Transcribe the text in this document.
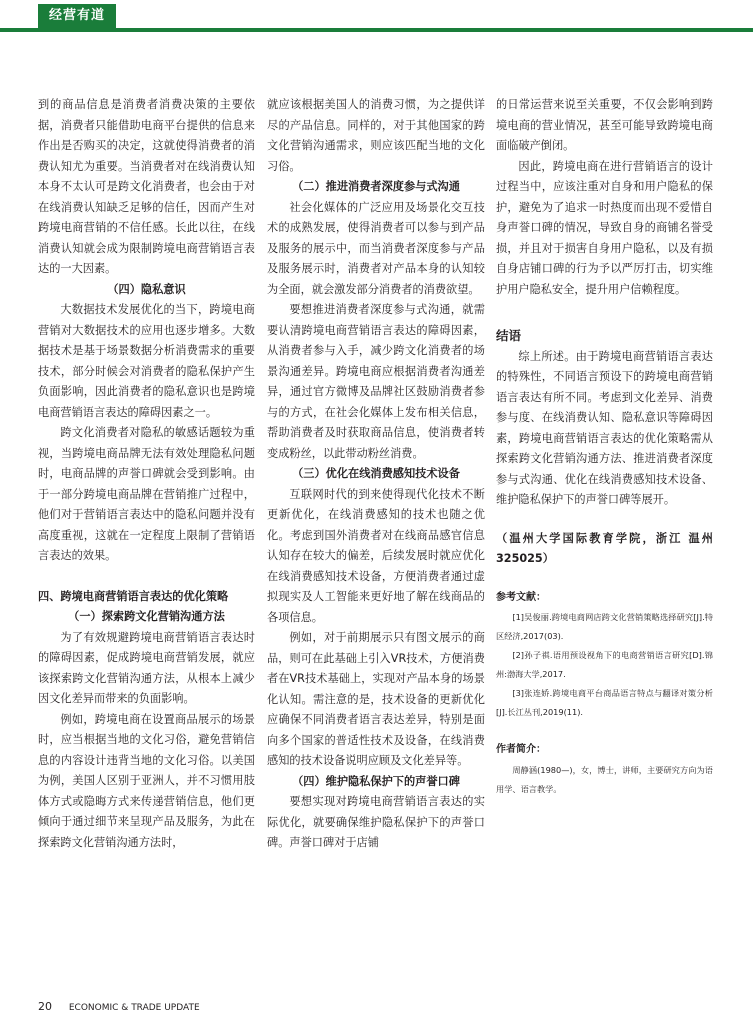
经营有道

到的商品信息是消费者消费决策的主要依据，消费者只能借助电商平台提供的信息来作出是否购买的决定，这就使得消费者的消费认知尤为重要。当消费者对在线消费认知本身不太认可是跨文化消费者，也会由于对在线消费认知缺乏足够的信任，因而产生对跨境电商营销的不信任感。长此以往，在线消费认知就会成为限制跨境电商营销语言表达的一大因素。

（四）隐私意识

大数据技术发展优化的当下，跨境电商营销对大数据技术的应用也逐步增多。大数据技术是基于场景数据分析消费需求的重要技术，部分时候会对消费者的隐私保护产生负面影响，因此消费者的隐私意识也是跨境电商营销语言表达的障碍因素之一。

跨文化消费者对隐私的敏感话题较为重视，当跨境电商品牌无法有效处理隐私问题时，电商品牌的声誉口碑就会受到影响。由于一部分跨境电商品牌在营销推广过程中，他们对于营销语言表达中的隐私问题并没有高度重视，这就在一定程度上限制了营销语言表达的效果。

四、跨境电商营销语言表达的优化策略
（一）探索跨文化营销沟通方法

为了有效规避跨境电商营销语言表达时的障碍因素，促成跨境电商营销发展，就应该探索跨文化营销沟通方法，从根本上减少因文化差异而带来的负面影响。

例如，跨境电商在设置商品展示的场景时，应当根据当地的文化习俗，避免营销信息的内容设计违背当地的文化习俗。以美国为例，美国人区别于亚洲人，并不习惯用肢体方式或隐晦方式来传递营销信息，他们更倾向于通过细节来呈现产品及服务，为此在探索跨文化营销沟通方法时，

就应该根据美国人的消费习惯，为之提供详尽的产品信息。同样的，对于其他国家的跨文化营销沟通需求，则应该匹配当地的文化习俗。

（二）推进消费者深度参与式沟通

社会化媒体的广泛应用及场景化交互技术的成熟发展，使得消费者可以参与到产品及服务的展示中，而当消费者深度参与产品及服务展示时，消费者对产品本身的认知较为全面，就会激发部分消费者的消费欲望。

要想推进消费者深度参与式沟通，就需要认清跨境电商营销语言表达的障碍因素，从消费者参与入手，减少跨文化消费者的场景沟通差异。跨境电商应根据消费者沟通差异，通过官方微博及品牌社区鼓励消费者参与的方式，在社会化媒体上发布相关信息，帮助消费者及时获取商品信息，使消费者转变成粉丝，以此带动粉丝消费。

（三）优化在线消费感知技术设备

互联网时代的到来使得现代化技术不断更新优化，在线消费感知的技术也随之优化。考虑到国外消费者对在线商品感官信息认知存在较大的偏差，后续发展时就应优化在线消费感知技术设备，方便消费者通过虚拟现实及人工智能来更好地了解在线商品的各项信息。

例如，对于前期展示只有图文展示的商品，则可在此基础上引入VR技术，方便消费者在VR技术基础上，实现对产品本身的场景化认知。需注意的是，技术设备的更新优化应确保不同消费者语言表达差异，特别是面向多个国家的普适性技术及设备，在线消费感知的技术设备说明应顾及文化差异等。

（四）维护隐私保护下的声誉口碑

要想实现对跨境电商营销语言表达的实际优化，就要确保维护隐私保护下的声誉口碑。声誉口碑对于店铺

的日常运营来说至关重要，不仅会影响到跨境电商的营业情况，甚至可能导致跨境电商面临破产倒闭。

因此，跨境电商在进行营销语言的设计过程当中，应该注重对自身和用户隐私的保护，避免为了追求一时热度而出现不爱惜自身声誉口碑的情况，导致自身的商铺名誉受损，并且对于损害自身用户隐私，以及有损自身店铺口碑的行为予以严厉打击，切实维护用户隐私安全，提升用户信赖程度。

结语

综上所述。由于跨境电商营销语言表达的特殊性，不同语言预设下的跨境电商营销语言表达有所不同。考虑到文化差异、消费参与度、在线消费认知、隐私意识等障碍因素，跨境电商营销语言表达的优化策略需从探索跨文化营销沟通方法、推进消费者深度参与式沟通、优化在线消费感知技术设备、维护隐私保护下的声誉口碑等展开。

（温州大学国际教育学院，浙江 温州 325025）

参考文献：

[1]吴俊丽.跨境电商网店跨文化营销策略选择研究[J].特区经济,2017(03).

[2]孙子祺.语用预设视角下的电商营销语言研究[D].锦州:渤海大学,2017.

[3]张连娇.跨境电商平台商品语言特点与翻译对策分析[J].长江丛刊,2019(11).

作者简介：

周静涵(1980—)，女，博士，讲师，主要研究方向为语用学、语言教学。

20 ECONOMIC & TRADE UPDATE
